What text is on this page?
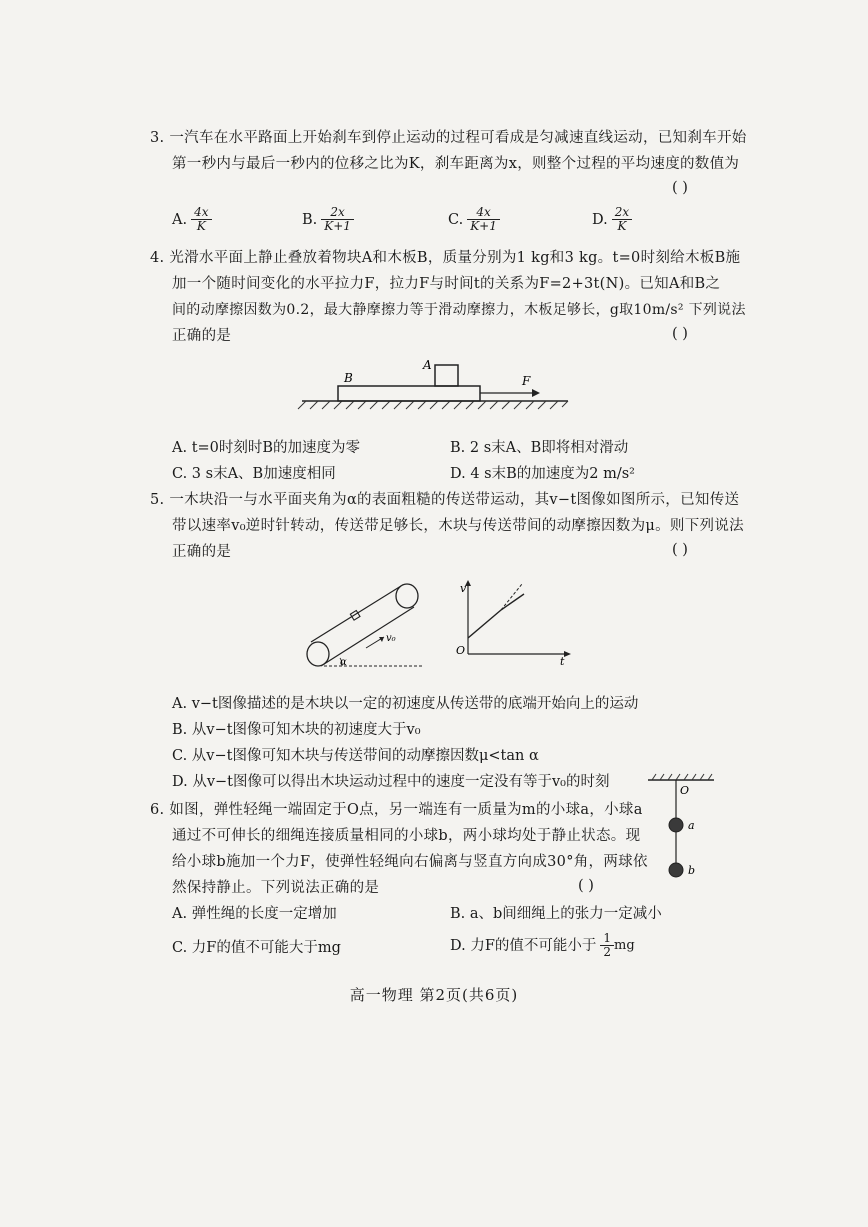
3. 一汽车在水平路面上开始刹车到停止运动的过程可看成是匀减速直线运动，已知刹车开始
第一秒内与最后一秒内的位移之比为K，刹车距离为x，则整个过程的平均速度的数值为
( )
A. $\frac{4x}{K}$	B. $\frac{2x}{K+1}$	C. $\frac{4x}{K+1}$	D. $\frac{2x}{K}$
4. 光滑水平面上静止叠放着物块A和木板B，质量分别为1 kg和3 kg。t=0时刻给木板B施
加一个随时间变化的水平拉力F，拉力F与时间t的关系为F=2+3t(N)。已知A和B之
间的动摩擦因数为0.2，最大静摩擦力等于滑动摩擦力，木板足够长，g取10m/s² 下列说法
正确的是	( )
B
A
F
A. t=0时刻时B的加速度为零	B. 2 s末A、B即将相对滑动
C. 3 s末A、B加速度相同	D. 4 s末B的加速度为2 m/s²
5. 一木块沿一与水平面夹角为α的表面粗糙的传送带运动，其v−t图像如图所示，已知传送
带以速率v₀逆时针转动，传送带足够长，木块与传送带间的动摩擦因数为μ。则下列说法
正确的是	( )
α
v₀
v
t
O
A. v−t图像描述的是木块以一定的初速度从传送带的底端开始向上的运动
B. 从v−t图像可知木块的初速度大于v₀
C. 从v−t图像可知木块与传送带间的动摩擦因数μ<tan α
D. 从v−t图像可以得出木块运动过程中的速度一定没有等于v₀的时刻
6. 如图，弹性轻绳一端固定于O点，另一端连有一质量为m的小球a，小球a
通过不可伸长的细绳连接质量相同的小球b，两小球均处于静止状态。现
给小球b施加一个力F，使弹性轻绳向右偏离与竖直方向成30°角，两球依
然保持静止。下列说法正确的是	( )
O
a
b
A. 弹性绳的长度一定增加	B. a、b间细绳上的张力一定减小
C. 力F的值不可能大于mg	D. 力F的值不可能小于 $\frac{1}{2}$ mg
高一物理 第2页(共6页)
